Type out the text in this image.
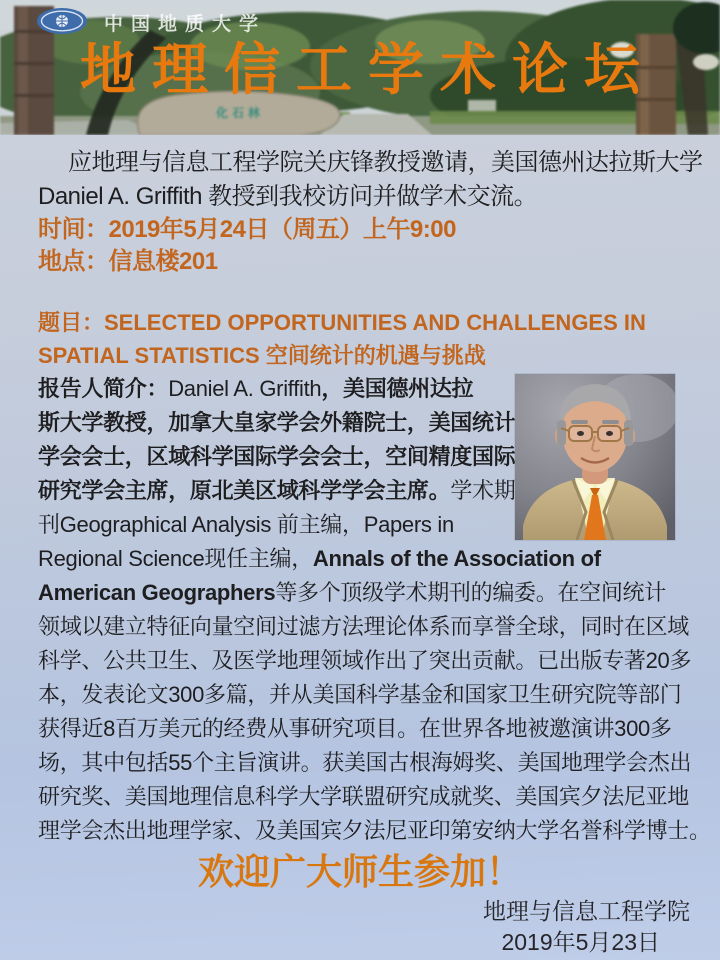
化石林
中国地质大学
地理信工学术论坛
应地理与信息工程学院关庆锋教授邀请，美国德州达拉斯大学
Daniel A. Griffith 教授到我校访问并做学术交流。
时间：2019年5月24日（周五）上午9:00
地点：信息楼201
题目：SELECTED OPPORTUNITIES AND CHALLENGES IN
SPATIAL STATISTICS 空间统计的机遇与挑战
报告人简介：Daniel A. Griffith，美国德州达拉
斯大学教授，加拿大皇家学会外籍院士，美国统计
学会会士，区域科学国际学会会士，空间精度国际
研究学会主席，原北美区域科学学会主席。学术期
刊Geographical Analysis 前主编，Papers in
Regional Science现任主编，Annals of the Association of
American Geographers等多个顶级学术期刊的编委。在空间统计
领域以建立特征向量空间过滤方法理论体系而享誉全球，同时在区域
科学、公共卫生、及医学地理领域作出了突出贡献。已出版专著20多
本，发表论文300多篇，并从美国科学基金和国家卫生研究院等部门
获得近8百万美元的经费从事研究项目。在世界各地被邀演讲300多
场，其中包括55个主旨演讲。获美国古根海姆奖、美国地理学会杰出
研究奖、美国地理信息科学大学联盟研究成就奖、美国宾夕法尼亚地
理学会杰出地理学家、及美国宾夕法尼亚印第安纳大学名誉科学博士。
欢迎广大师生参加！
地理与信息工程学院
2019年5月23日
